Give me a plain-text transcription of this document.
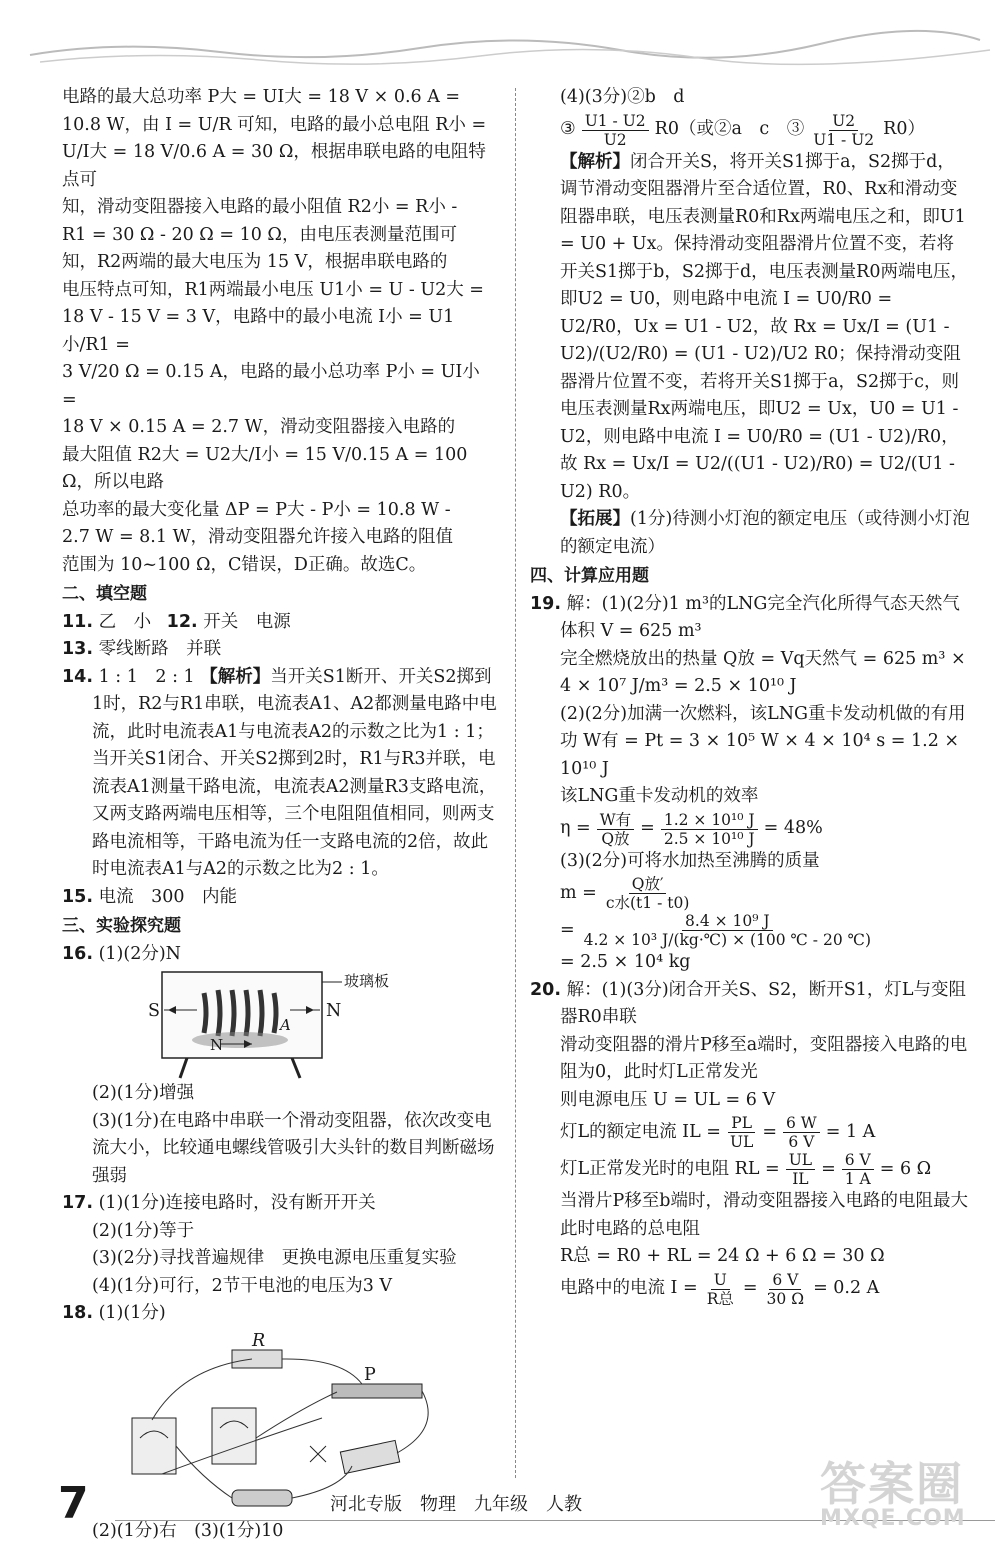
电路的最大总功率 P大 = UI大 = 18 V × 0.6 A =

10.8 W，由 I = U/R 可知，电路的最小总电阻 R小 =

U/I大 = 18 V/0.6 A = 30 Ω，根据串联电路的电阻特点可

知，滑动变阻器接入电路的最小阻值 R2小 = R小 -

R1 = 30 Ω - 20 Ω = 10 Ω，由电压表测量范围可

知，R2两端的最大电压为 15 V，根据串联电路的

电压特点可知，R1两端最小电压 U1小 = U - U2大 =

18 V - 15 V = 3 V，电路中的最小电流 I小 = U1小/R1 =

3 V/20 Ω = 0.15 A，电路的最小总功率 P小 = UI小 =

18 V × 0.15 A = 2.7 W，滑动变阻器接入电路的

最大阻值 R2大 = U2大/I小 = 15 V/0.15 A = 100 Ω，所以电路

总功率的最大变化量 ΔP = P大 - P小 = 10.8 W -

2.7 W = 8.1 W，滑动变阻器允许接入电路的阻值

范围为 10~100 Ω，C错误，D正确。故选C。

二、填空题

11. 乙　小 12. 开关　电源

13. 零线断路　并联

14. 1 : 1　2 : 1 【解析】当开关S1断开、开关S2掷到1时，R2与R1串联，电流表A1、A2都测量电路中电流，此时电流表A1与电流表A2的示数之比为1 : 1；当开关S1闭合、开关S2掷到2时，R1与R3并联，电流表A1测量干路电流，电流表A2测量R3支路电流，又两支路两端电压相等，三个电阻阻值相同，则两支路电流相等，干路电流为任一支路电流的2倍，故此时电流表A1与A2的示数之比为2 : 1。

15. 电流　300　内能

三、实验探究题

16. (1)(2分)N

S	N
N
A
玻璃板

(2)(1分)增强

(3)(1分)在电路中串联一个滑动变阻器，依次改变电流大小，比较通电螺线管吸引大头针的数目判断磁场强弱

17. (1)(1分)连接电路时，没有断开开关

(2)(1分)等于

(3)(2分)寻找普遍规律　更换电源电压重复实验

(4)(1分)可行，2节干电池的电压为3 V

18. (1)(1分)

R
P

(2)(1分)右　(3)(1分)10

(4)(3分)②b　d

③ $\frac{U1 - U2}{U2} R0$（或②a　c　③ $\frac{U2}{U1 - U2} R0$）

【解析】闭合开关S，将开关S1掷于a，S2掷于d，调节滑动变阻器滑片至合适位置，R0、Rx和滑动变阻器串联，电压表测量R0和Rx两端电压之和，即U1 = U0 + Ux。保持滑动变阻器滑片位置不变，若将开关S1掷于b，S2掷于d，电压表测量R0两端电压，即U2 = U0，则电路中电流 I = U0/R0 = U2/R0，Ux = U1 - U2，故 Rx = Ux/I = (U1 - U2)/(U2/R0) = (U1 - U2)/U2 R0；保持滑动变阻器滑片位置不变，若将开关S1掷于a，S2掷于c，则电压表测量Rx两端电压，即U2 = Ux，U0 = U1 - U2，则电路中电流 I = U0/R0 = (U1 - U2)/R0，故 Rx = Ux/I = U2/((U1 - U2)/R0) = U2/(U1 - U2) R0。

【拓展】(1分)待测小灯泡的额定电压（或待测小灯泡的额定电流）

四、计算应用题

19. 解：(1)(2分)1 m³的LNG完全汽化所得气态天然气体积 V = 625 m³

完全燃烧放出的热量 Q放 = Vq天然气 = 625 m³ × 4 × 10⁷ J/m³ = 2.5 × 10¹⁰ J

(2)(2分)加满一次燃料，该LNG重卡发动机做的有用功 W有 = Pt = 3 × 10⁵ W × 4 × 10⁴ s = 1.2 × 10¹⁰ J

该LNG重卡发动机的效率

$\eta = \frac{\text{W有}}{\text{Q放}} = \frac{\text{1.2 × 10¹⁰ J}}{\text{2.5 × 10¹⁰ J}} = 48\%$

(3)(2分)可将水加热至沸腾的质量

$m = \frac{\text{Q放′}}{\text{c水(t1 - t0)}}$
= $\frac{\text{8.4 × 10⁹ J}}{\text{4.2 × 10³ J/(kg·℃) × (100 ℃ - 20 ℃)}}$

= 2.5 × 10⁴ kg

20. 解：(1)(3分)闭合开关S、S2，断开S1，灯L与变阻器R0串联

滑动变阻器的滑片P移至a端时，变阻器接入电路的电阻为0，此时灯L正常发光

则电源电压 U = UL = 6 V

灯L的额定电流 IL = $\frac{PL}{UL} = \frac{6 W}{6 V} = 1$ A
灯L正常发光时的电阻 RL = $\frac{UL}{IL} = \frac{6 V}{1 A} = 6$ Ω

当滑片P移至b端时，滑动变阻器接入电路的电阻最大

此时电路的总电阻

R总 = R0 + RL = 24 Ω + 6 Ω = 30 Ω

电路中的电流 $I = \frac{U}{\text{R总}} = \frac{6 V}{30 \Omega} = 0.2$ A
7	河北专版　物理　九年级　人教	答案圈
MXQE.COM
